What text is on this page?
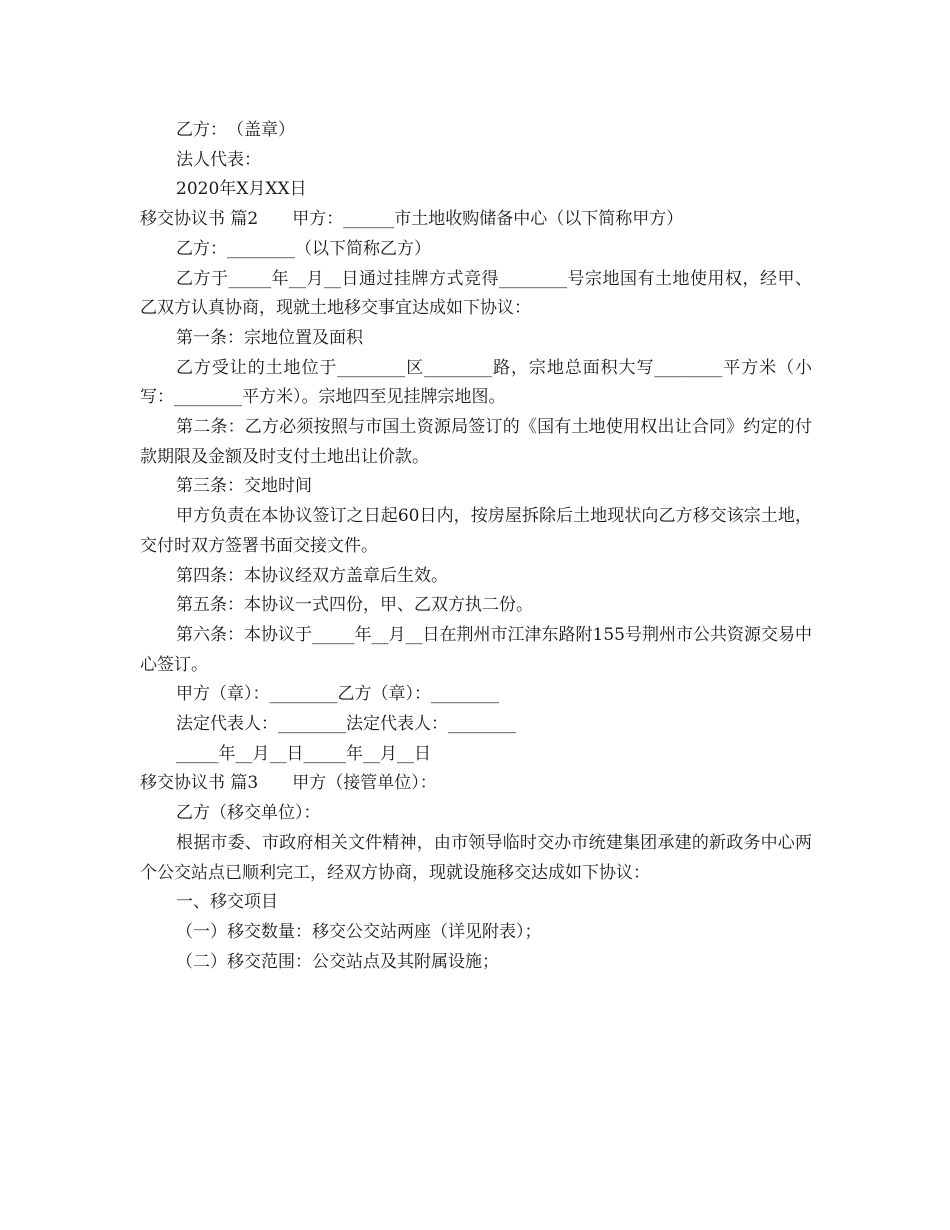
乙方：　（盖章）

法人代表：

2020年X月XX日

移交协议书 篇2　　甲方：______市土地收购储备中心（以下简称甲方）

乙方：________（以下简称乙方）

乙方于_____年__月__日通过挂牌方式竞得________号宗地国有土地使用权，经甲、乙双方认真协商，现就土地移交事宜达成如下协议：

第一条：宗地位置及面积

乙方受让的土地位于________区________路，宗地总面积大写________平方米（小写：________平方米）。宗地四至见挂牌宗地图。

第二条：乙方必须按照与市国土资源局签订的《国有土地使用权出让合同》约定的付款期限及金额及时支付土地出让价款。

第三条：交地时间

甲方负责在本协议签订之日起60日内，按房屋拆除后土地现状向乙方移交该宗土地，交付时双方签署书面交接文件。

第四条：本协议经双方盖章后生效。

第五条：本协议一式四份，甲、乙双方执二份。

第六条：本协议于_____年__月__日在荆州市江津东路附155号荆州市公共资源交易中心签订。

甲方（章）：________乙方（章）：________

法定代表人：________法定代表人：________

_____年__月__日_____年__月__日

移交协议书 篇3　　甲方（接管单位）：

乙方（移交单位）：

根据市委、市政府相关文件精神，由市领导临时交办市统建集团承建的新政务中心两个公交站点已顺利完工，经双方协商，现就设施移交达成如下协议：

一、移交项目

（一）移交数量：移交公交站两座（详见附表）；

（二）移交范围：公交站点及其附属设施；
